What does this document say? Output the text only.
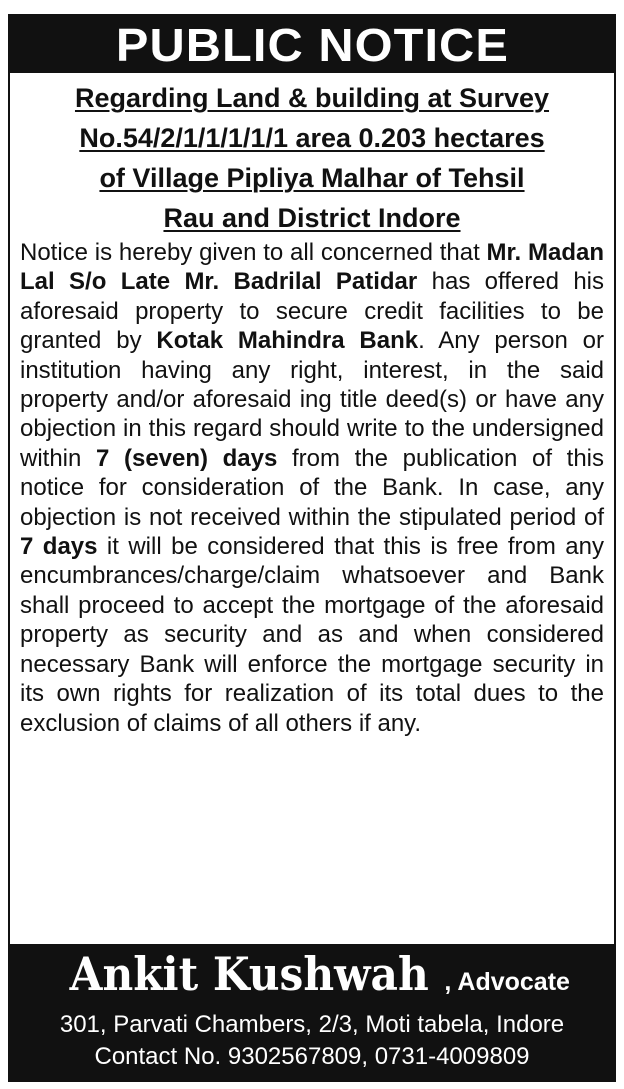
PUBLIC NOTICE
Regarding Land & building at Survey
No.54/2/1/1/1/1/1 area 0.203 hectares
of Village Pipliya Malhar of Tehsil
Rau and District Indore

Notice is hereby given to all concerned that Mr. Madan Lal S/o Late Mr. Badrilal Patidar has offered his aforesaid property to secure credit facilities to be granted by Kotak Mahindra Bank. Any person or institution having any right, interest, in the said property and/or aforesaid ing title deed(s) or have any objection in this regard should write to the undersigned within 7 (seven) days from the publication of this notice for consideration of the Bank. In case, any objection is not received within the stipulated period of 7 days it will be considered that this is free from any encumbrances/charge/claim whatsoever and Bank shall proceed to accept the mortgage of the aforesaid property as security and as and when considered necessary Bank will enforce the mortgage security in its own rights for realization of its total dues to the exclusion of claims of all others if any.

Ankit Kushwah , Advocate
301, Parvati Chambers, 2/3, Moti tabela, Indore
Contact No. 9302567809, 0731-4009809
